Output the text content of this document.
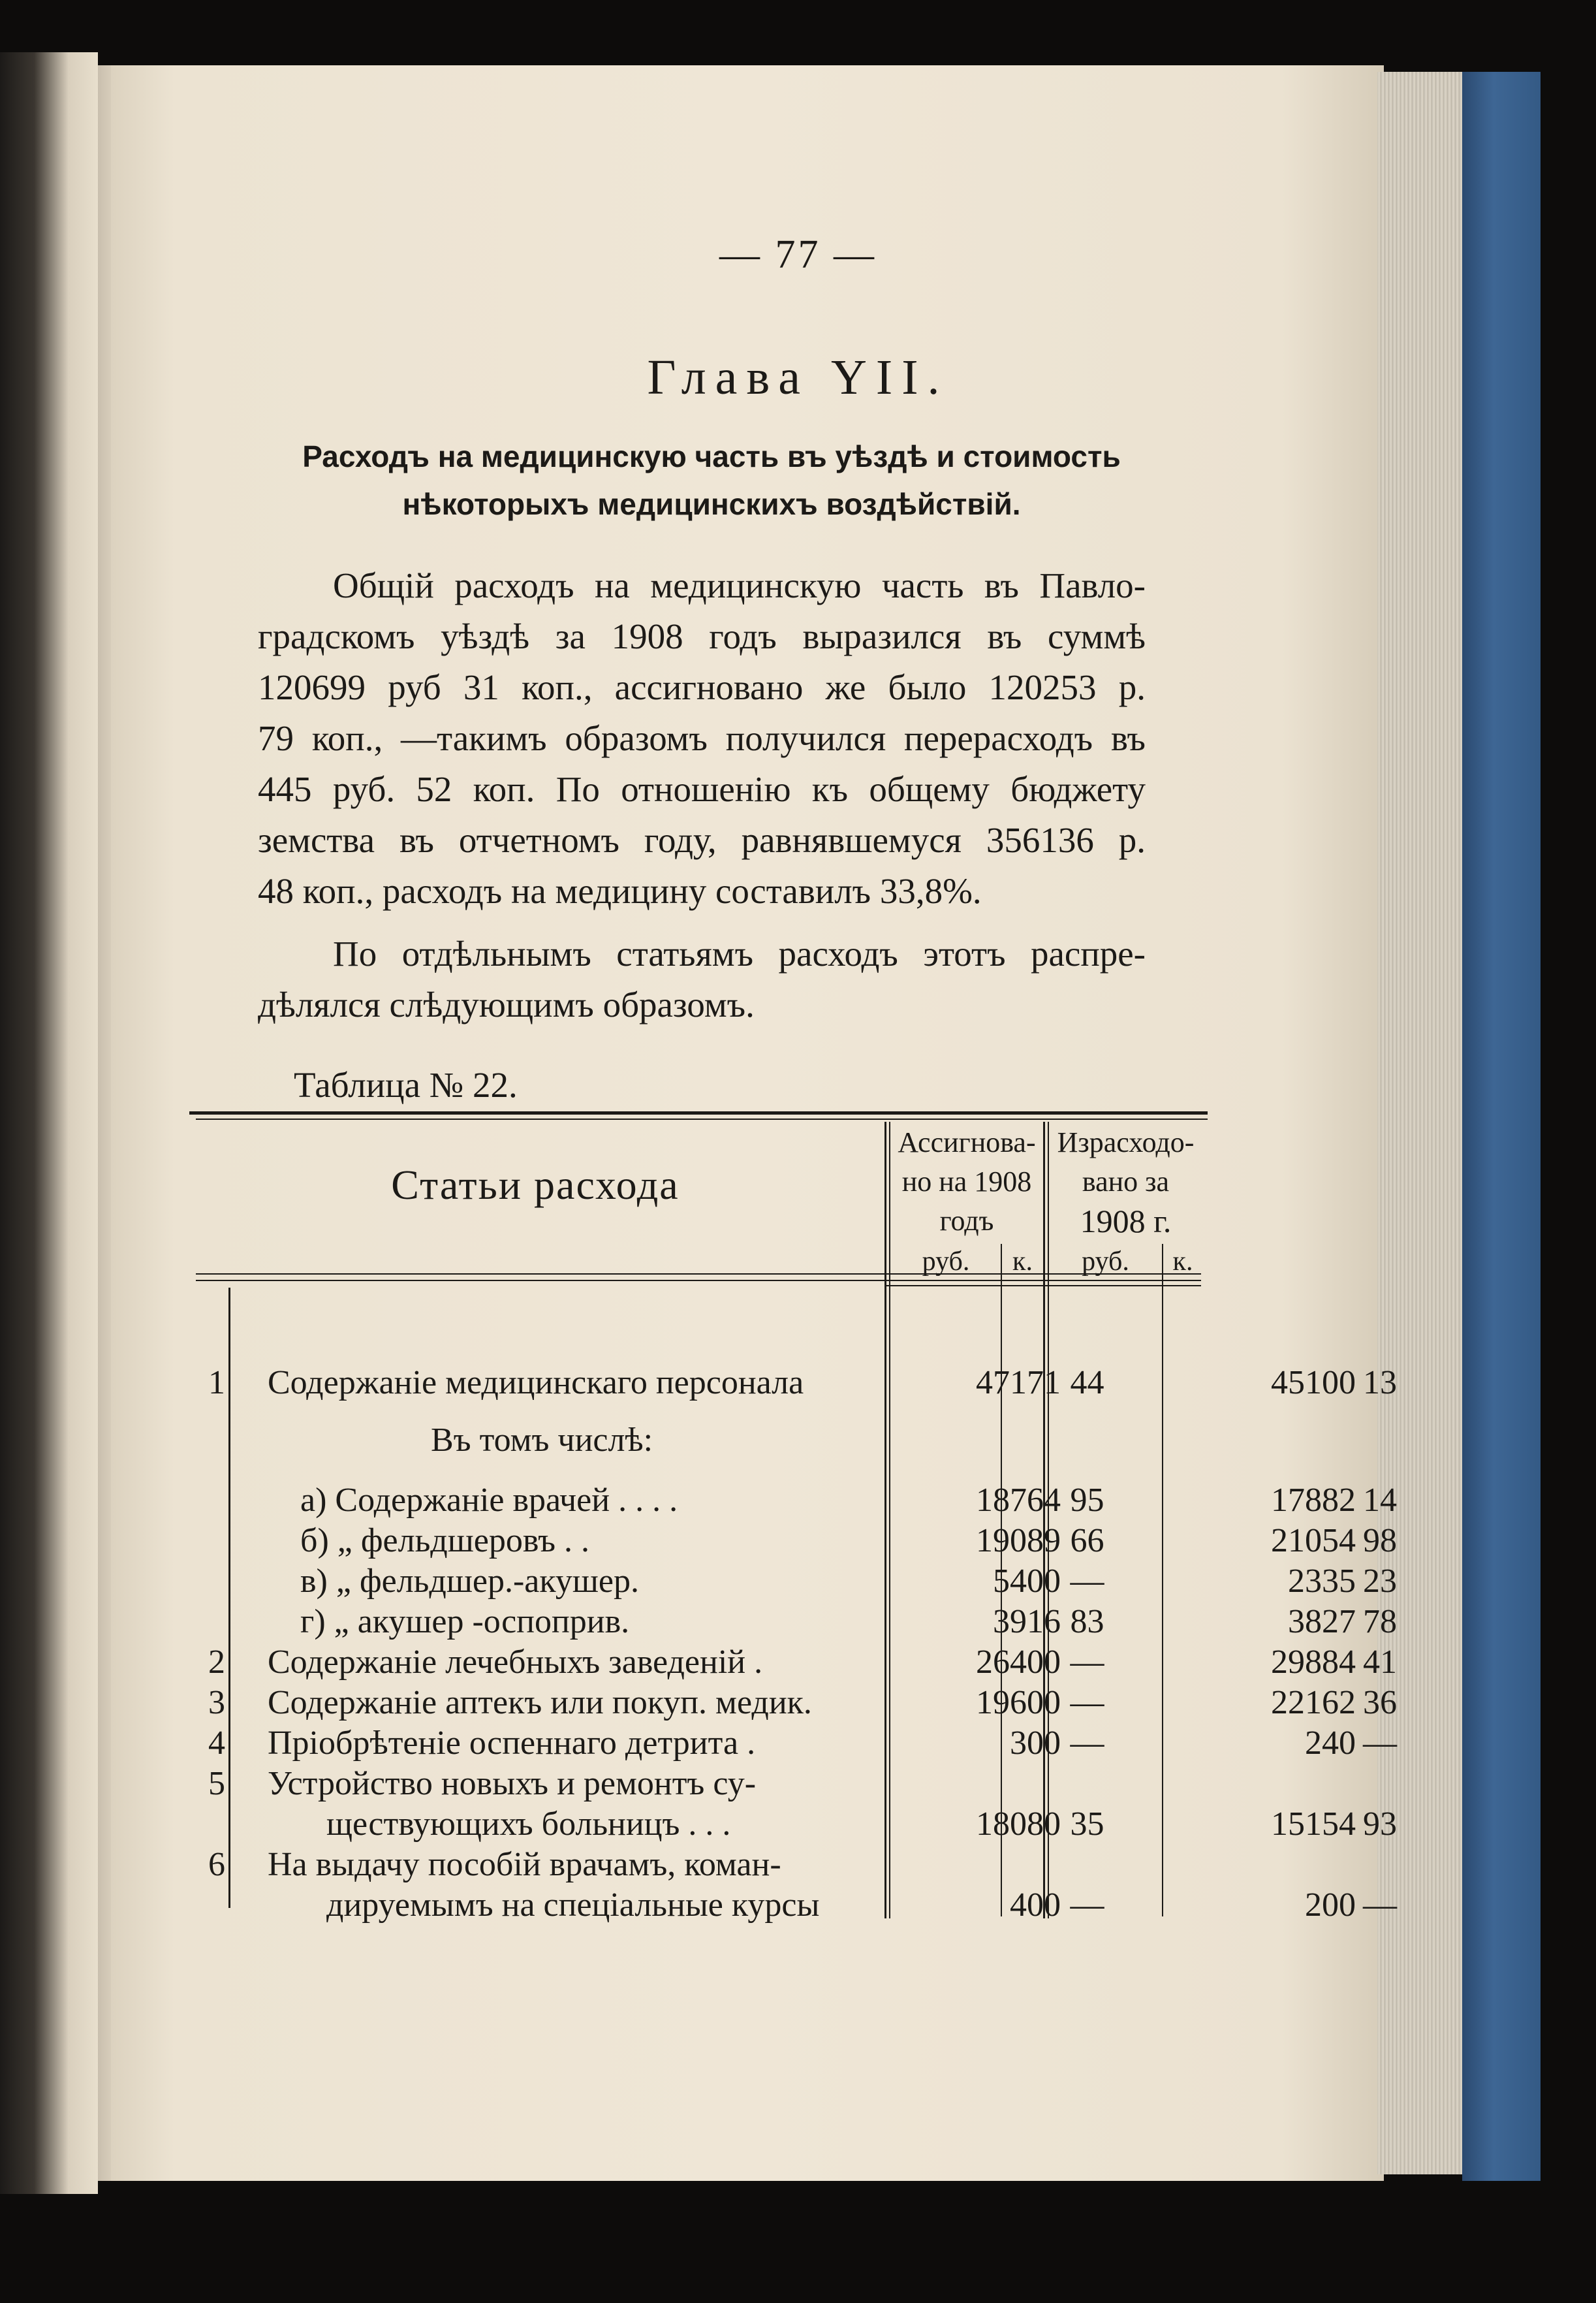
— 77 —
Глава YII.
Расходъ на медицинскую часть въ уѣздѣ и стоимость
нѣкоторыхъ медицинскихъ воздѣйствій.
Общій расходъ на медицинскую часть въ Павло-
градскомъ уѣздѣ за 1908 годъ выразился въ суммѣ
120699 руб 31 коп., ассигновано же было 120253 р.
79 коп., —такимъ образомъ получился перерасходъ въ
445 руб. 52 коп. По отношенію къ общему бюджету
земства въ отчетномъ году, равнявшемуся 356136 р.
48 коп., расходъ на медицину составилъ 33,8%.
По отдѣльнымъ статьямъ расходъ этотъ распре-
дѣлялся слѣдующимъ образомъ.
Таблица № 22.
Статьи расхода
Ассигнова-
но на 1908
годъ
Израсходо-
вано за
1908 г.
руб.	к.	руб.	к.
1 Содержаніе медицинскаго персонала	47171 44	45100 13
Въ томъ числѣ:
а) Содержаніе врачей . . . .	18764 95	17882 14
б) „ фельдшеровъ . .	19089 66	21054 98
в) „ фельдшер.-акушер.	5400 —	2335 23
г) „ акушер -оспоприв.	3916 83	3827 78
2 Содержаніе лечебныхъ заведеній .	26400 —	29884 41
3 Содержаніе аптекъ или покуп. медик.	19600 —	22162 36
4 Пріобрѣтеніе оспеннаго детрита .	300 —	240 —
5 Устройство новыхъ и ремонтъ су-
ществующихъ больницъ . . .	18080 35	15154 93
6 На выдачу пособій врачамъ, коман-
дируемымъ на спеціальные курсы	400 —	200 —
